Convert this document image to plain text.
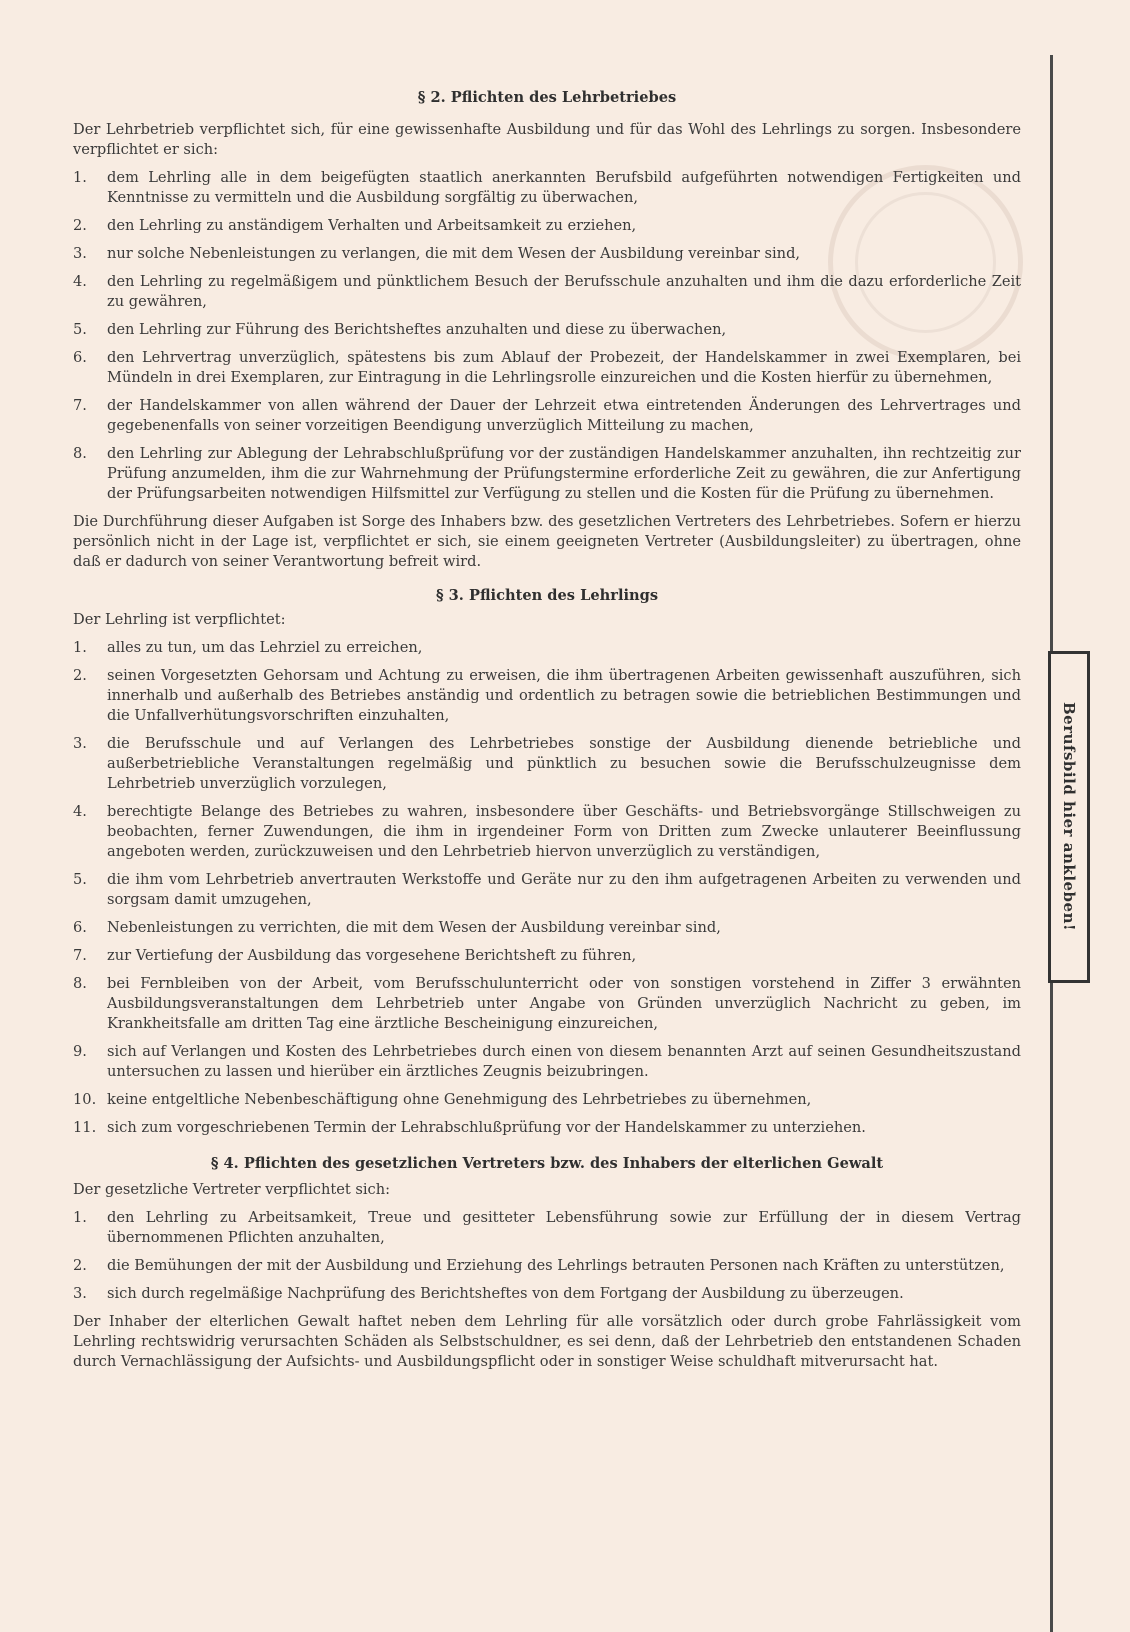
Berufsbild hier ankleben!
§ 2. Pflichten des Lehrbetriebes

Der Lehrbetrieb verpflichtet sich, für eine gewissenhafte Ausbildung und für das Wohl des Lehrlings zu sorgen. Insbesondere verpflichtet er sich:

1.	dem Lehrling alle in dem beigefügten staatlich anerkannten Berufsbild aufgeführten notwendigen Fertigkeiten und Kenntnisse zu vermitteln und die Ausbildung sorgfältig zu überwachen,
2.	den Lehrling zu anständigem Verhalten und Arbeitsamkeit zu erziehen,
3.	nur solche Nebenleistungen zu verlangen, die mit dem Wesen der Ausbildung vereinbar sind,
4.	den Lehrling zu regelmäßigem und pünktlichem Besuch der Berufsschule anzuhalten und ihm die dazu erforderliche Zeit zu gewähren,
5.	den Lehrling zur Führung des Berichtsheftes anzuhalten und diese zu überwachen,
6.	den Lehrvertrag unverzüglich, spätestens bis zum Ablauf der Probezeit, der Handelskammer in zwei Exemplaren, bei Mündeln in drei Exemplaren, zur Eintragung in die Lehrlingsrolle einzureichen und die Kosten hierfür zu übernehmen,
7.	der Handelskammer von allen während der Dauer der Lehrzeit etwa eintretenden Änderungen des Lehrvertrages und gegebenenfalls von seiner vorzeitigen Beendigung unverzüglich Mitteilung zu machen,
8.	den Lehrling zur Ablegung der Lehrabschlußprüfung vor der zuständigen Handelskammer anzuhalten, ihn rechtzeitig zur Prüfung anzumelden, ihm die zur Wahrnehmung der Prüfungstermine erforderliche Zeit zu gewähren, die zur Anfertigung der Prüfungsarbeiten notwendigen Hilfsmittel zur Verfügung zu stellen und die Kosten für die Prüfung zu übernehmen.

Die Durchführung dieser Aufgaben ist Sorge des Inhabers bzw. des gesetzlichen Vertreters des Lehrbetriebes. Sofern er hierzu persönlich nicht in der Lage ist, verpflichtet er sich, sie einem geeigneten Vertreter (Ausbildungsleiter) zu übertragen, ohne daß er dadurch von seiner Verantwortung befreit wird.

§ 3. Pflichten des Lehrlings

Der Lehrling ist verpflichtet:

1.	alles zu tun, um das Lehrziel zu erreichen,
2.	seinen Vorgesetzten Gehorsam und Achtung zu erweisen, die ihm übertragenen Arbeiten gewissenhaft auszuführen, sich innerhalb und außerhalb des Betriebes anständig und ordentlich zu betragen sowie die betrieblichen Bestimmungen und die Unfallverhütungsvorschriften einzuhalten,
3.	die Berufsschule und auf Verlangen des Lehrbetriebes sonstige der Ausbildung dienende betriebliche und außerbetriebliche Veranstaltungen regelmäßig und pünktlich zu besuchen sowie die Berufsschulzeugnisse dem Lehrbetrieb unverzüglich vorzulegen,
4.	berechtigte Belange des Betriebes zu wahren, insbesondere über Geschäfts- und Betriebsvorgänge Stillschweigen zu beobachten, ferner Zuwendungen, die ihm in irgendeiner Form von Dritten zum Zwecke unlauterer Beeinflussung angeboten werden, zurückzuweisen und den Lehrbetrieb hiervon unverzüglich zu verständigen,
5.	die ihm vom Lehrbetrieb anvertrauten Werkstoffe und Geräte nur zu den ihm aufgetragenen Arbeiten zu verwenden und sorgsam damit umzugehen,
6.	Nebenleistungen zu verrichten, die mit dem Wesen der Ausbildung vereinbar sind,
7.	zur Vertiefung der Ausbildung das vorgesehene Berichtsheft zu führen,
8.	bei Fernbleiben von der Arbeit, vom Berufsschulunterricht oder von sonstigen vorstehend in Ziffer 3 erwähnten Ausbildungsveranstaltungen dem Lehrbetrieb unter Angabe von Gründen unverzüglich Nachricht zu geben, im Krankheitsfalle am dritten Tag eine ärztliche Bescheinigung einzureichen,
9.	sich auf Verlangen und Kosten des Lehrbetriebes durch einen von diesem benannten Arzt auf seinen Gesundheitszustand untersuchen zu lassen und hierüber ein ärztliches Zeugnis beizubringen.
10. keine entgeltliche Nebenbeschäftigung ohne Genehmigung des Lehrbetriebes zu übernehmen,
11. sich zum vorgeschriebenen Termin der Lehrabschlußprüfung vor der Handelskammer zu unterziehen.
§ 4. Pflichten des gesetzlichen Vertreters bzw. des Inhabers der elterlichen Gewalt

Der gesetzliche Vertreter verpflichtet sich:

1.	den Lehrling zu Arbeitsamkeit, Treue und gesitteter Lebensführung sowie zur Erfüllung der in diesem Vertrag übernommenen Pflichten anzuhalten,
2.	die Bemühungen der mit der Ausbildung und Erziehung des Lehrlings betrauten Personen nach Kräften zu unterstützen,
3.	sich durch regelmäßige Nachprüfung des Berichtsheftes von dem Fortgang der Ausbildung zu überzeugen.

Der Inhaber der elterlichen Gewalt haftet neben dem Lehrling für alle vorsätzlich oder durch grobe Fahrlässigkeit vom Lehrling rechtswidrig verursachten Schäden als Selbstschuldner, es sei denn, daß der Lehrbetrieb den entstandenen Schaden durch Vernachlässigung der Aufsichts- und Ausbildungspflicht oder in sonstiger Weise schuldhaft mitverursacht hat.
